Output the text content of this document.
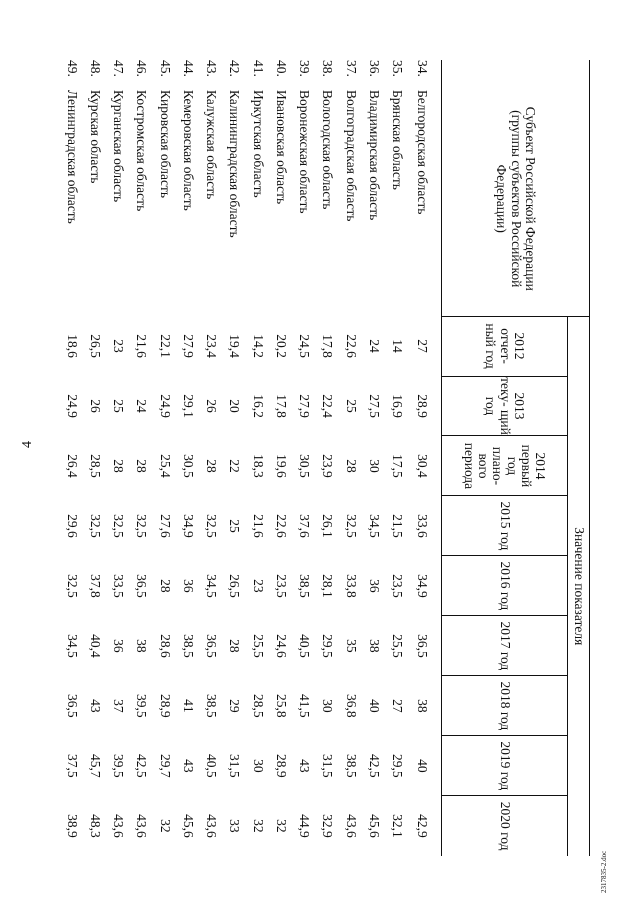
4
Субъект Российской Федерации (группы субъектов Российской Федерации)		Значение показателя								
		2012 отчет- ный год	2013 теку- щий год	2014 первый год плано- вого периода	2015 год	2016 год	2017 год	2018 год	2019 год	2020 год
34.	Белгородская область	27	28,9	30,4	33,6	34,9	36,5	38	40	42,9
35.	Брянская область	14	16,9	17,5	21,5	23,5	25,5	27	29,5	32,1
36.	Владимирская область	24	27,5	30	34,5	36	38	40	42,5	45,6
37.	Волгоградская область	22,6	25	28	32,5	33,8	35	36,8	38,5	43,6
38.	Вологодская область	17,8	22,4	23,9	26,1	28,1	29,5	30	31,5	32,9
39.	Воронежская область	24,5	27,9	30,5	37,6	38,5	40,5	41,5	43	44,9
40.	Ивановская область	20,2	17,8	19,6	22,6	23,5	24,6	25,8	28,9	32
41.	Иркутская область	14,2	16,2	18,3	21,6	23	25,5	28,5	30	32
42.	Калининградская область	19,4	20	22	25	26,5	28	29	31,5	33
43.	Калужская область	23,4	26	28	32,5	34,5	36,5	38,5	40,5	43,6
44.	Кемеровская область	27,9	29,1	30,5	34,9	36	38,5	41	43	45,6
45.	Кировская область	22,1	24,9	25,4	27,6	28	28,6	28,9	29,7	32
46.	Костромская область	21,6	24	28	32,5	36,5	38	39,5	42,5	43,6
47.	Курганская область	23	25	28	32,5	33,5	36	37	39,5	43,6
48.	Курская область	26,5	26	28,5	32,5	37,8	40,4	43	45,7	48,3
49.	Ленинградская область	18,6	24,9	26,4	29,6	32,5	34,5	36,5	37,5	38,9
2317835-2.doc
